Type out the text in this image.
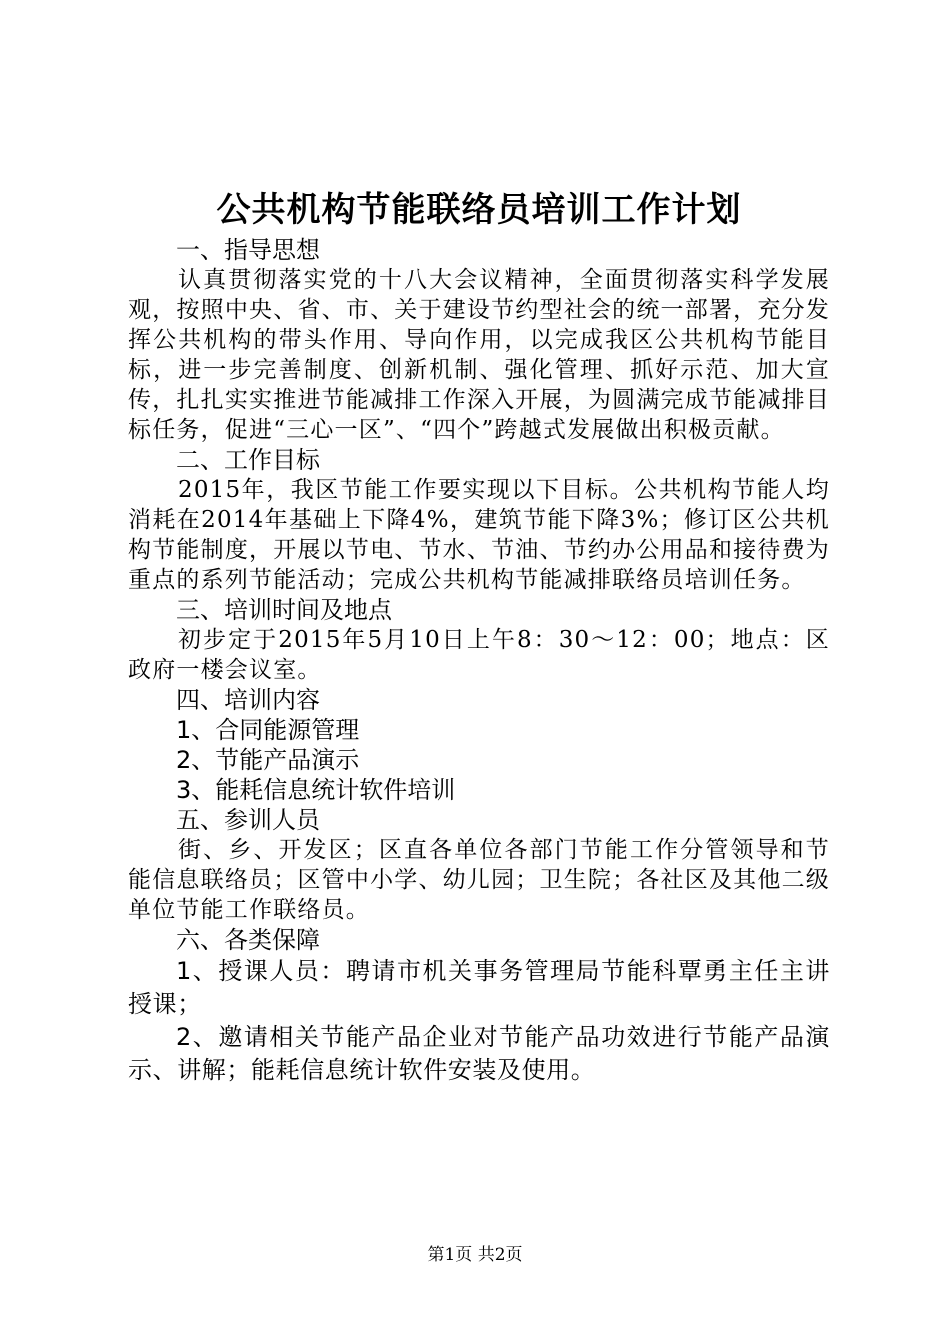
公共机构节能联络员培训工作计划
一、指导思想
认真贯彻落实党的十八大会议精神，全面贯彻落实科学发展观，按照中央、省、市、关于建设节约型社会的统一部署，充分发挥公共机构的带头作用、导向作用，以完成我区公共机构节能目标，进一步完善制度、创新机制、强化管理、抓好示范、加大宣传，扎扎实实推进节能减排工作深入开展，为圆满完成节能减排目标任务，促进“三心一区”、“四个”跨越式发展做出积极贡献。
二、工作目标
2015年，我区节能工作要实现以下目标。公共机构节能人均消耗在2014年基础上下降4%，建筑节能下降3%；修订区公共机构节能制度，开展以节电、节水、节油、节约办公用品和接待费为重点的系列节能活动；完成公共机构节能减排联络员培训任务。
三、培训时间及地点
初步定于2015年5月10日上午8：30～12：00；地点：区政府一楼会议室。
四、培训内容
1、合同能源管理
2、节能产品演示
3、能耗信息统计软件培训
五、参训人员
街、乡、开发区；区直各单位各部门节能工作分管领导和节能信息联络员；区管中小学、幼儿园；卫生院；各社区及其他二级单位节能工作联络员。
六、各类保障
1、授课人员：聘请市机关事务管理局节能科覃勇主任主讲授课；
2、邀请相关节能产品企业对节能产品功效进行节能产品演示、讲解；能耗信息统计软件安装及使用。
第1页 共2页
